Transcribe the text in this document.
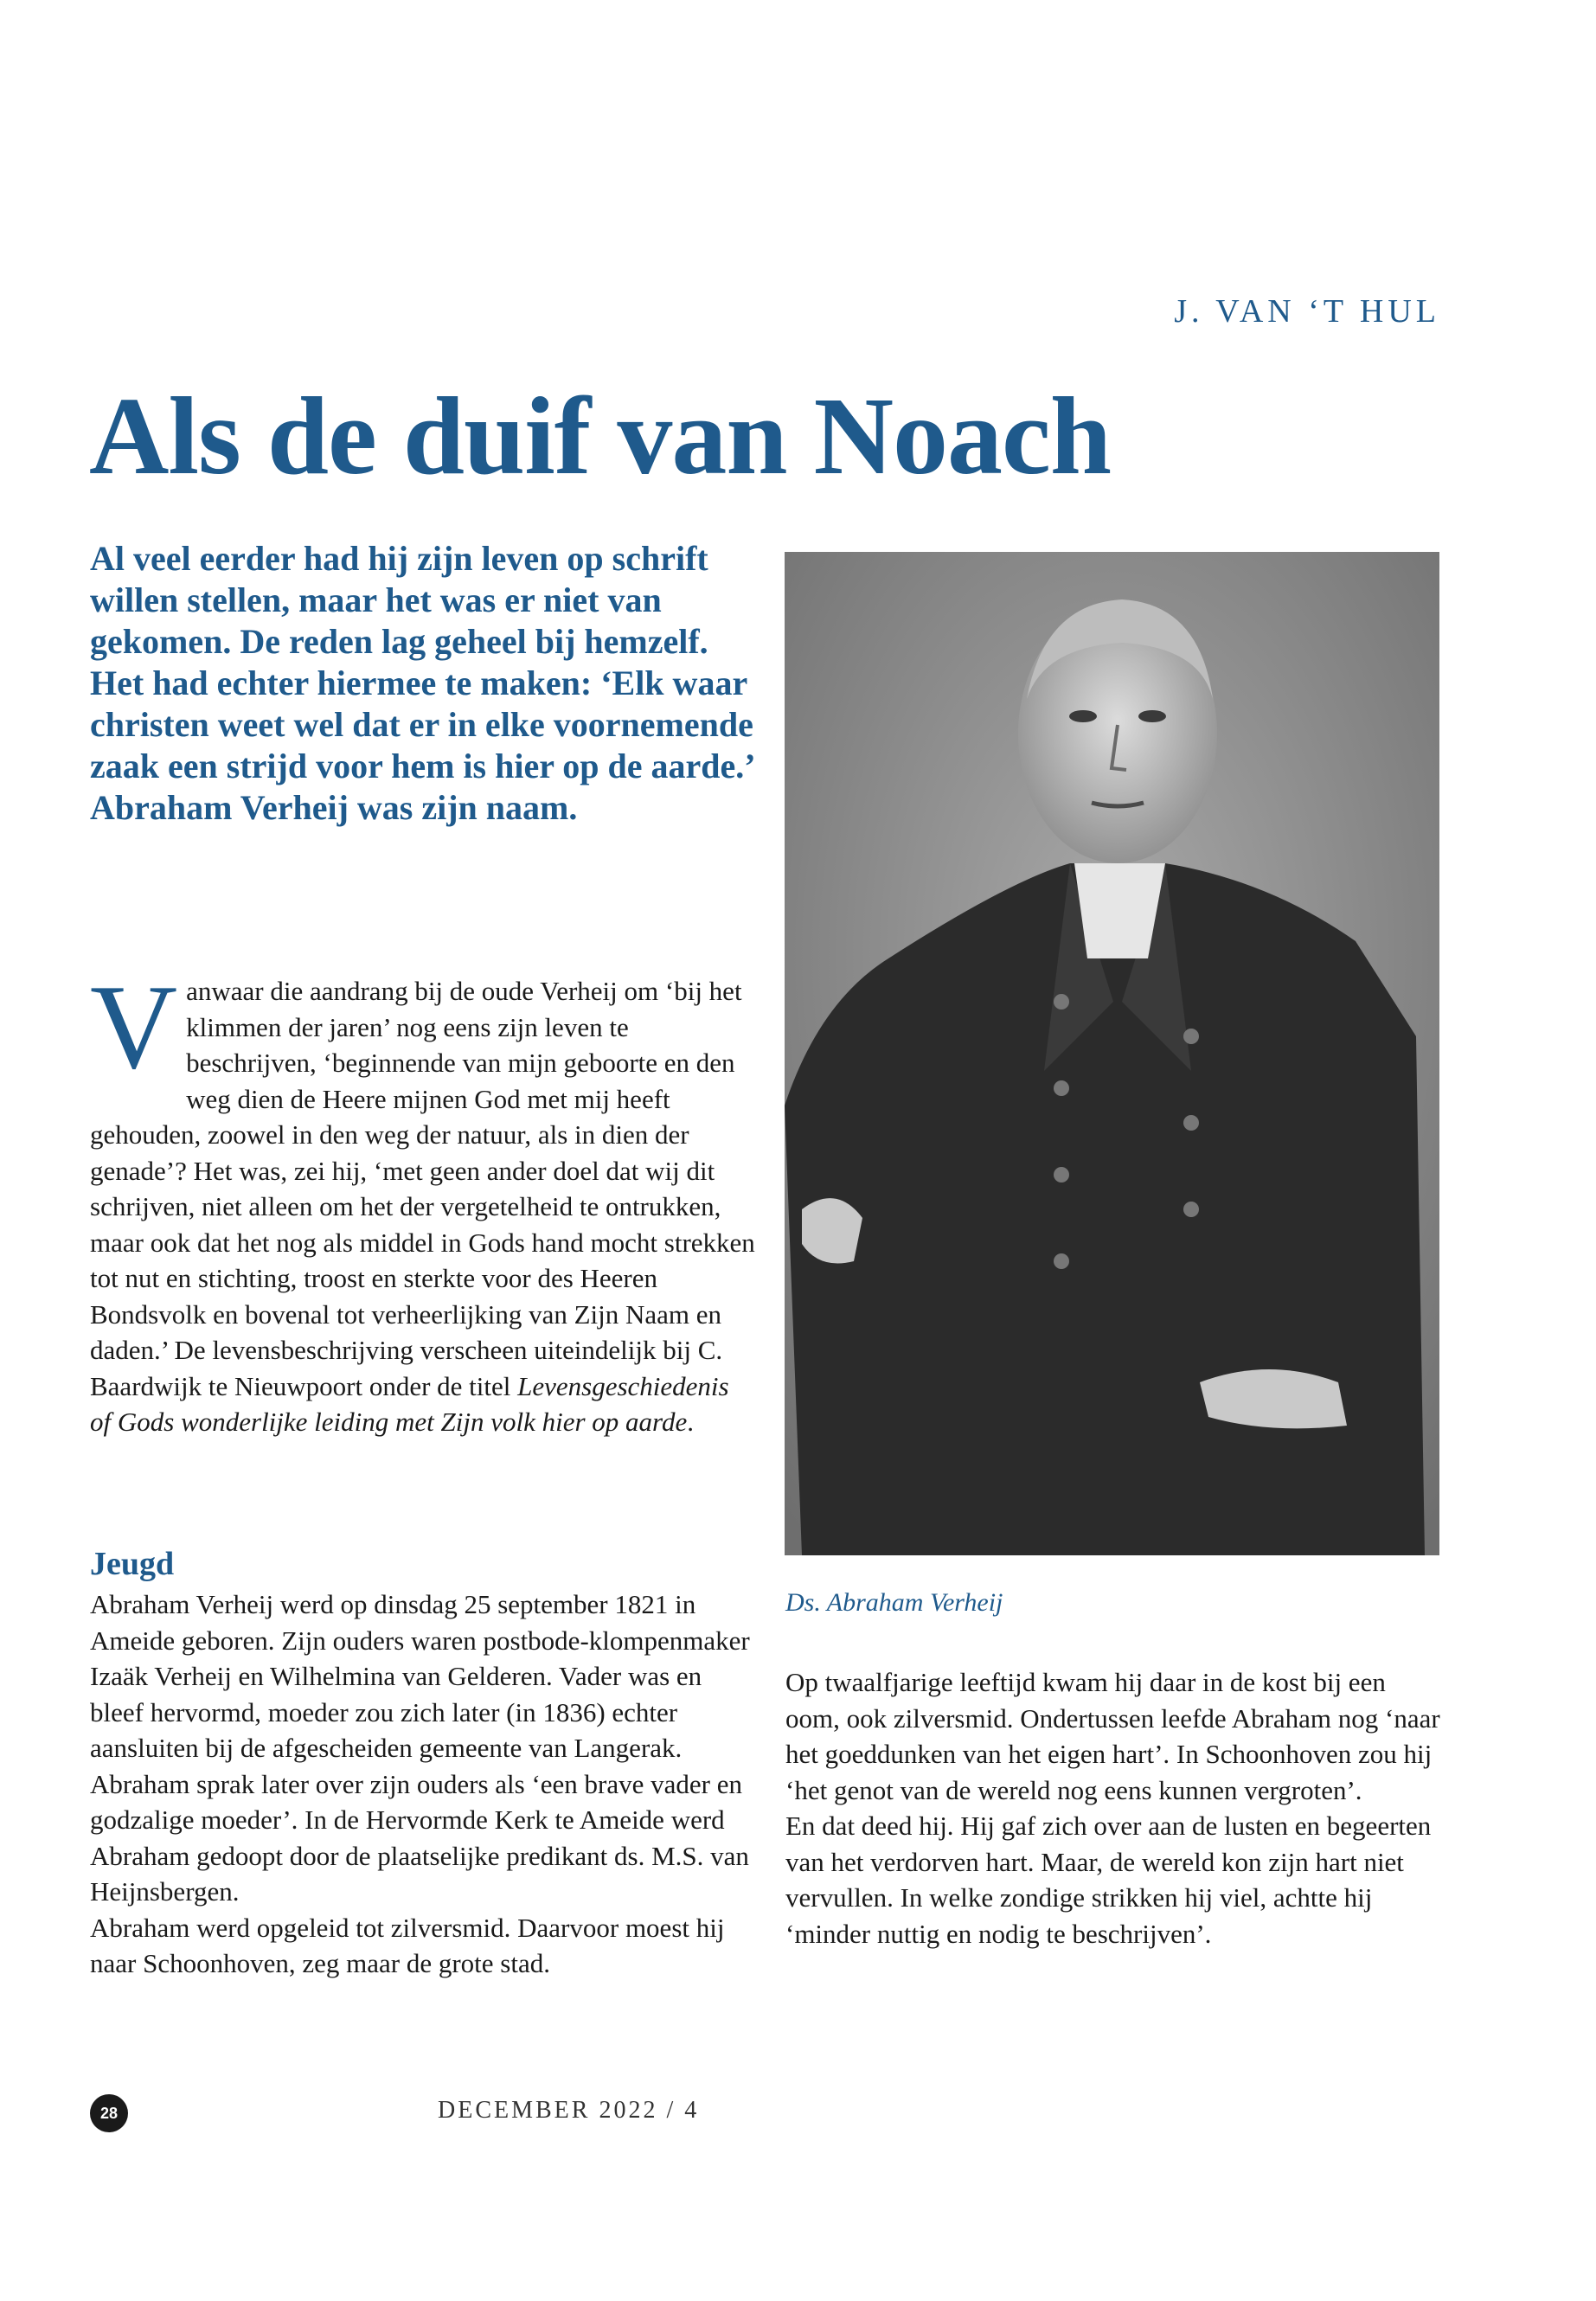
J. VAN ‘T HUL
Als de duif van Noach

Al veel eerder had hij zijn leven op schrift willen stellen, maar het was er niet van gekomen. De reden lag geheel bij hemzelf. Het had echter hiermee te maken: ‘Elk waar christen weet wel dat er in elke voornemende zaak een strijd voor hem is hier op de aarde.’ Abraham Verheij was zijn naam.

Vanwaar die aandrang bij de oude Verheij om ‘bij het klimmen der jaren’ nog eens zijn leven te beschrijven, ‘beginnende van mijn geboorte en den weg dien de Heere mijnen God met mij heeft gehouden, zoowel in den weg der natuur, als in dien der genade’? Het was, zei hij, ‘met geen ander doel dat wij dit schrijven, niet alleen om het der vergetelheid te ontrukken, maar ook dat het nog als middel in Gods hand mocht strekken tot nut en stichting, troost en sterkte voor des Heeren Bondsvolk en bovenal tot verheerlijking van Zijn Naam en daden.’ De levensbeschrijving verscheen uiteindelijk bij C. Baardwijk te Nieuwpoort onder de titel Levensgeschiedenis of Gods wonderlijke leiding met Zijn volk hier op aarde.
Jeugd
Abraham Verheij werd op dinsdag 25 september 1821 in Ameide geboren. Zijn ouders waren postbode-klompenmaker Izaäk Verheij en Wilhelmina van Gelderen. Vader was en bleef hervormd, moeder zou zich later (in 1836) echter aansluiten bij de afgescheiden gemeente van Langerak. Abraham sprak later over zijn ouders als ‘een brave vader en godzalige moeder’. In de Hervormde Kerk te Ameide werd Abraham gedoopt door de plaatselijke predikant ds. M.S. van Heijnsbergen.
Abraham werd opgeleid tot zilversmid. Daarvoor moest hij naar Schoonhoven, zeg maar de grote stad.

Ds. Abraham Verheij

Op twaalfjarige leeftijd kwam hij daar in de kost bij een oom, ook zilversmid. Ondertussen leefde Abraham nog ‘naar het goeddunken van het eigen hart’. In Schoonhoven zou hij ‘het genot van de wereld nog eens kunnen vergroten’.
En dat deed hij. Hij gaf zich over aan de lusten en begeerten van het verdorven hart. Maar, de wereld kon zijn hart niet vervullen. In welke zondige strikken hij viel, achtte hij ‘minder nuttig en nodig te beschrijven’.
28	DECEMBER 2022 / 4
